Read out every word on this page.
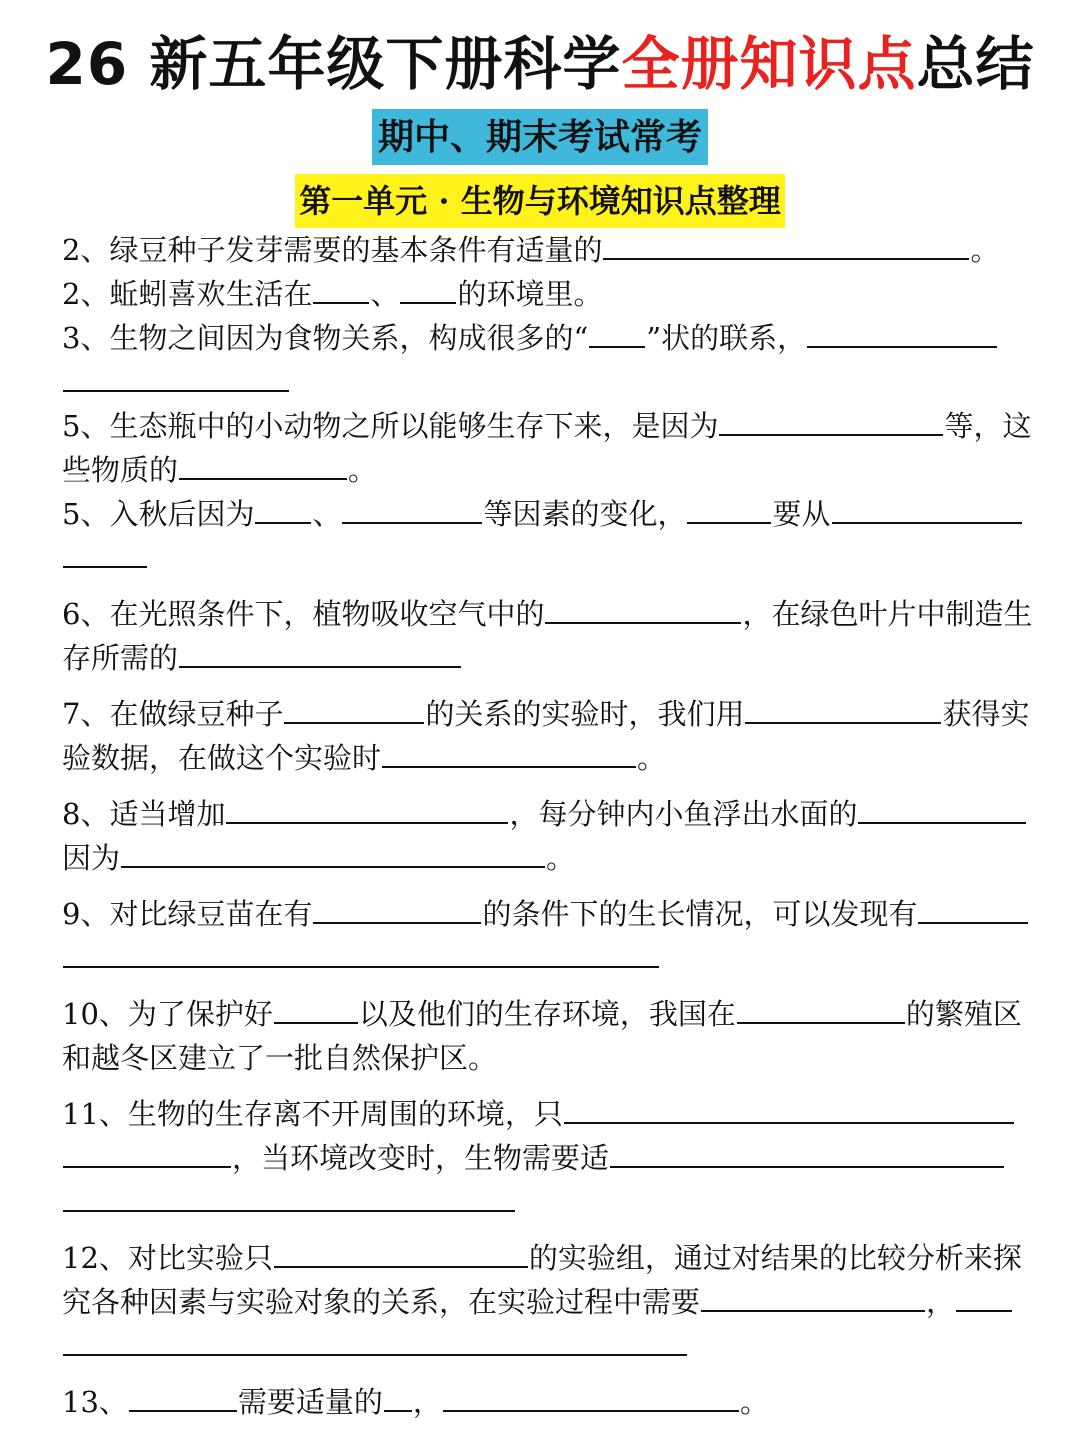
26 新五年级下册科学全册知识点总结
期中、期末考试常考
第一单元 · 生物与环境知识点整理
2、绿豆种子发芽需要的基本条件有适量的	。
2、蚯蚓喜欢生活在 、 的环境里。
3、生物之间因为食物关系，构成很多的“ ”状的联系，
5、生态瓶中的小动物之所以能够生存下来，是因为	等，这
些物质的	。
5、入秋后因为 、	等因素的变化，	要从
6、在光照条件下，植物吸收空气中的	，在绿色叶片中制造生
存所需的
7、在做绿豆种子	的关系的实验时，我们用	获得实
验数据，在做这个实验时	。
8、适当增加	，每分钟内小鱼浮出水面的
因为	。
9、对比绿豆苗在有	的条件下的生长情况，可以发现有
10、为了保护好	以及他们的生存环境，我国在	的繁殖区
和越冬区建立了一批自然保护区。
11、生物的生存离不开周围的环境，只
，当环境改变时，生物需要适
12、对比实验只	的实验组，通过对结果的比较分析来探
究各种因素与实验对象的关系，在实验过程中需要	，
13、	需要适量的 ，	。
